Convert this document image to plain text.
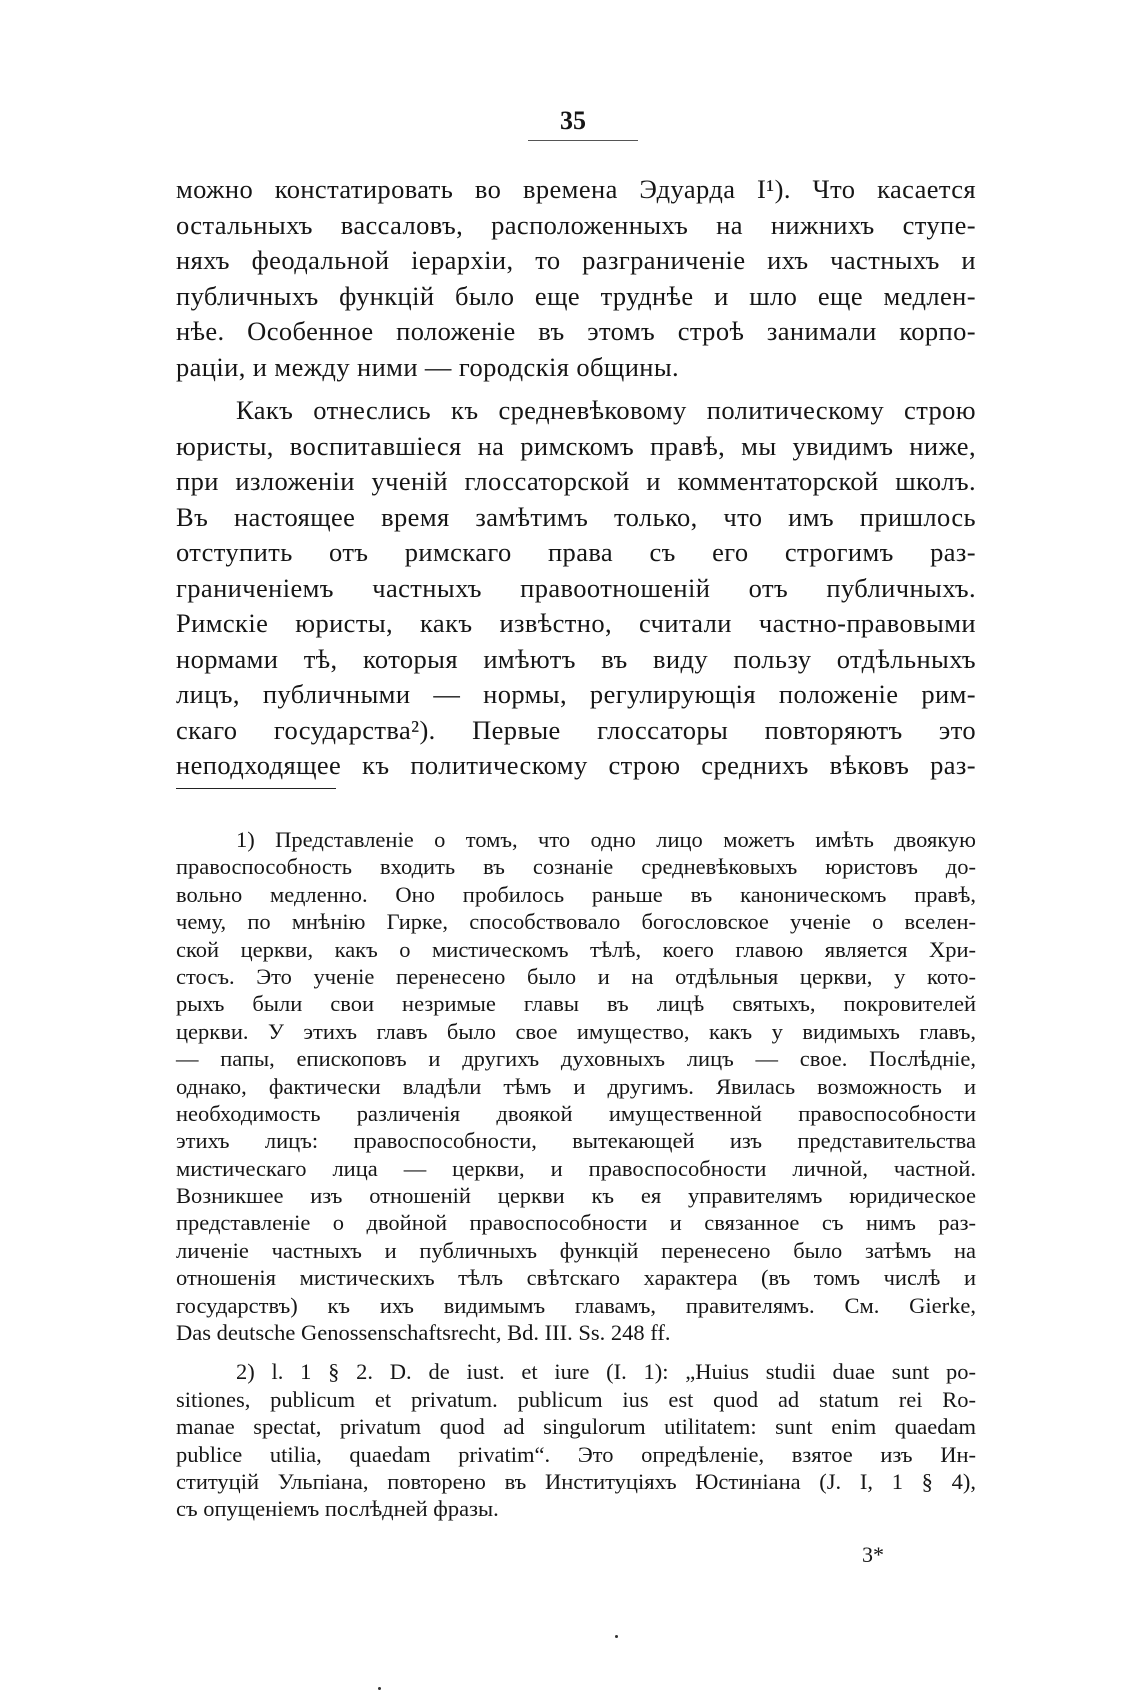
35
можно констатировать во времена Эдуарда I¹). Что касается
остальныхъ вассаловъ, расположенныхъ на нижнихъ ступе-
няхъ феодальной iерархiи, то разграниченiе ихъ частныхъ и
публичныхъ функцiй было еще труднѣе и шло еще медлен-
нѣе. Особенное положенiе въ этомъ строѣ занимали корпо-
рацiи, и между ними — городскiя общины.
Какъ отнеслись къ средневѣковому политическому строю
юристы, воспитавшiеся на римскомъ правѣ, мы увидимъ ниже,
при изложенiи ученiй глоссаторской и комментаторской школъ.
Въ настоящее время замѣтимъ только, что имъ пришлось
отступить отъ римскаго права съ его строгимъ раз-
граниченiемъ частныхъ правоотношенiй отъ публичныхъ.
Римскiе юристы, какъ извѣстно, считали частно-правовыми
нормами тѣ, которыя имѣютъ въ виду пользу отдѣльныхъ
лицъ, публичными — нормы, регулирующiя положенiе рим-
скаго государства²). Первые глоссаторы повторяютъ это
неподходящее къ политическому строю среднихъ вѣковъ раз-
1) Представленiе о томъ, что одно лицо можетъ имѣть двоякую
правоспособность входить въ сознанiе средневѣковыхъ юристовъ до-
вольно медленно. Оно пробилось раньше въ каноническомъ правѣ,
чему, по мнѣнiю Гирке, способствовало богословское ученiе о вселен-
ской церкви, какъ о мистическомъ тѣлѣ, коего главою является Хри-
стосъ. Это ученiе перенесено было и на отдѣльныя церкви, у кото-
рыхъ были свои незримые главы въ лицѣ святыхъ, покровителей
церкви. У этихъ главъ было свое имущество, какъ у видимыхъ главъ,
— папы, епископовъ и другихъ духовныхъ лицъ — свое. Послѣднiе,
однако, фактически владѣли тѣмъ и другимъ. Явилась возможность и
необходимость различенiя двоякой имущественной правоспособности
этихъ лицъ: правоспособности, вытекающей изъ представительства
мистическаго лица — церкви, и правоспособности личной, частной.
Возникшее изъ отношенiй церкви къ ея управителямъ юридическое
представленiе о двойной правоспособности и связанное съ нимъ раз-
личенiе частныхъ и публичныхъ функцiй перенесено было затѣмъ на
отношенiя мистическихъ тѣлъ свѣтскаго характера (въ томъ числѣ и
государствъ) къ ихъ видимымъ главамъ, правителямъ. См. Gierke,
Das deutsche Genossenschaftsrecht, Bd. III. Ss. 248 ff.
2) l. 1 § 2. D. de iust. et iure (I. 1): „Huius studii duae sunt po-
sitiones, publicum et privatum. publicum ius est quod ad statum rei Ro-
manae spectat, privatum quod ad singulorum utilitatem: sunt enim quaedam
publice utilia, quaedam privatim“. Это опредѣленiе, взятое изъ Ин-
ституцiй Ульпiана, повторено въ Институцiяхъ Юстинiана (J. I, 1 § 4),
съ опущенiемъ послѣдней фразы.
3*
